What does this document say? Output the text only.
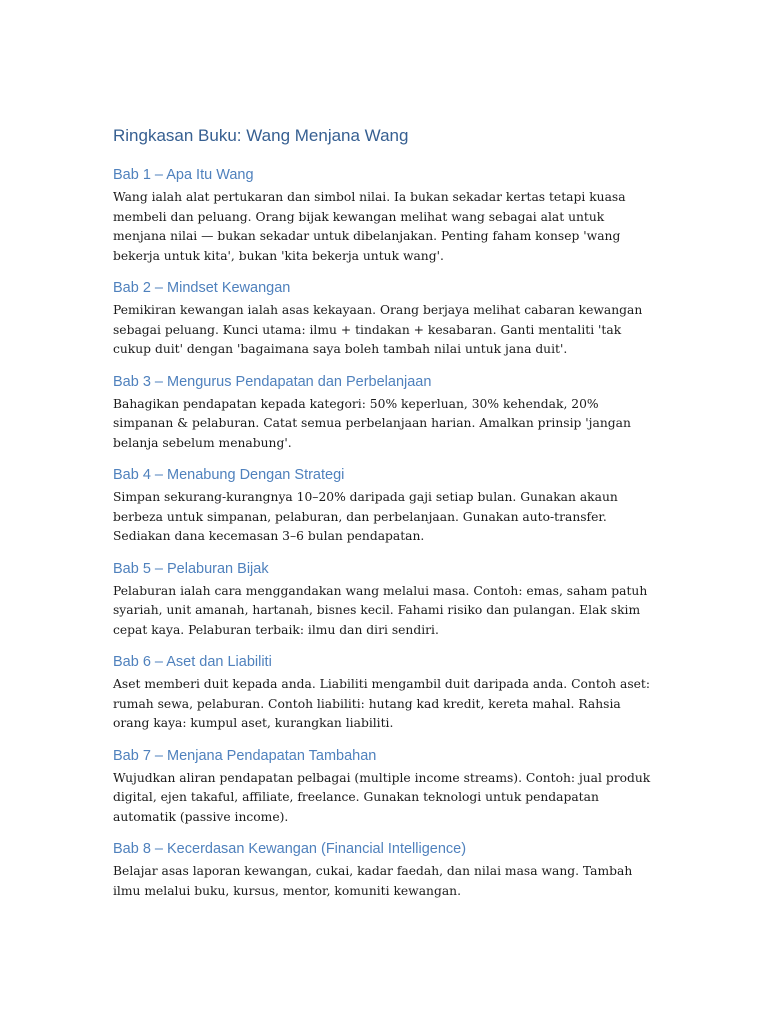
Ringkasan Buku: Wang Menjana Wang
Bab 1 – Apa Itu Wang

Wang ialah alat pertukaran dan simbol nilai. Ia bukan sekadar kertas tetapi kuasa membeli dan peluang. Orang bijak kewangan melihat wang sebagai alat untuk menjana nilai — bukan sekadar untuk dibelanjakan. Penting faham konsep 'wang bekerja untuk kita', bukan 'kita bekerja untuk wang'.

Bab 2 – Mindset Kewangan

Pemikiran kewangan ialah asas kekayaan. Orang berjaya melihat cabaran kewangan sebagai peluang. Kunci utama: ilmu + tindakan + kesabaran. Ganti mentaliti 'tak cukup duit' dengan 'bagaimana saya boleh tambah nilai untuk jana duit'.

Bab 3 – Mengurus Pendapatan dan Perbelanjaan

Bahagikan pendapatan kepada kategori: 50% keperluan, 30% kehendak, 20% simpanan & pelaburan. Catat semua perbelanjaan harian. Amalkan prinsip 'jangan belanja sebelum menabung'.

Bab 4 – Menabung Dengan Strategi

Simpan sekurang-kurangnya 10–20% daripada gaji setiap bulan. Gunakan akaun berbeza untuk simpanan, pelaburan, dan perbelanjaan. Gunakan auto-transfer. Sediakan dana kecemasan 3–6 bulan pendapatan.

Bab 5 – Pelaburan Bijak

Pelaburan ialah cara menggandakan wang melalui masa. Contoh: emas, saham patuh syariah, unit amanah, hartanah, bisnes kecil. Fahami risiko dan pulangan. Elak skim cepat kaya. Pelaburan terbaik: ilmu dan diri sendiri.

Bab 6 – Aset dan Liabiliti

Aset memberi duit kepada anda. Liabiliti mengambil duit daripada anda. Contoh aset: rumah sewa, pelaburan. Contoh liabiliti: hutang kad kredit, kereta mahal. Rahsia orang kaya: kumpul aset, kurangkan liabiliti.

Bab 7 – Menjana Pendapatan Tambahan

Wujudkan aliran pendapatan pelbagai (multiple income streams). Contoh: jual produk digital, ejen takaful, affiliate, freelance. Gunakan teknologi untuk pendapatan automatik (passive income).

Bab 8 – Kecerdasan Kewangan (Financial Intelligence)

Belajar asas laporan kewangan, cukai, kadar faedah, dan nilai masa wang. Tambah ilmu melalui buku, kursus, mentor, komuniti kewangan.
